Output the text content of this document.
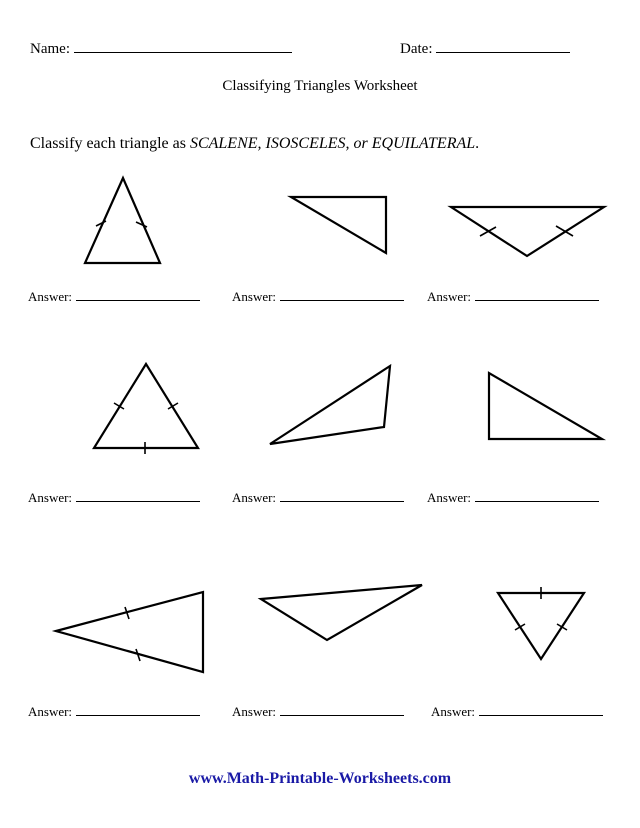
Name:	Date:
Classifying Triangles Worksheet
Classify each triangle as SCALENE, ISOSCELES, or EQUILATERAL.
Answer:	Answer:	Answer:
Answer:	Answer:	Answer:
Answer:	Answer:	Answer:
www.Math-Printable-Worksheets.com
